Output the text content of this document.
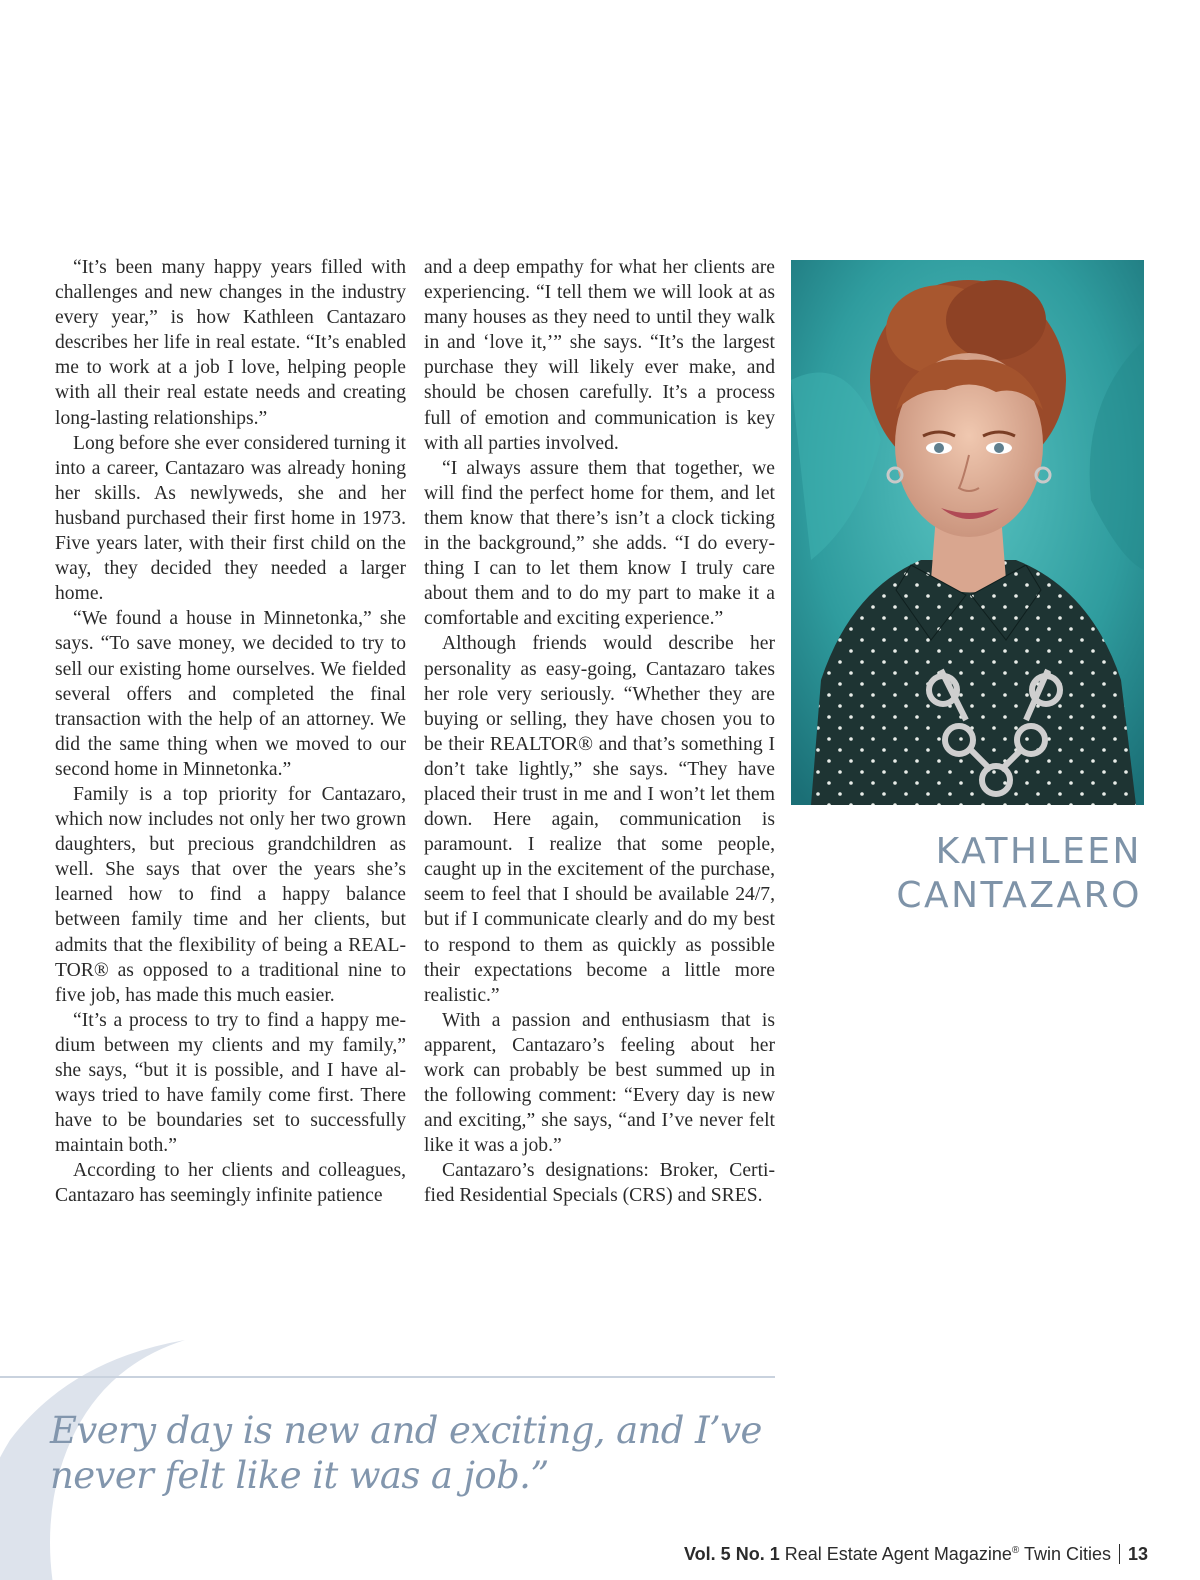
“It’s been many happy years filled with challenges and new changes in the industry every year,” is how Kathleen Cantazaro describes her life in real estate. “It’s enabled me to work at a job I love, helping people with all their real estate needs and creating long-lasting relationships.”

Long before she ever considered turning it into a career, Cantazaro was already honing her skills. As newlyweds, she and her husband purchased their first home in 1973. Five years later, with their first child on the way, they decided they needed a larger home.

“We found a house in Minnetonka,” she says. “To save money, we decided to try to sell our existing home ourselves. We fielded several offers and completed the final transaction with the help of an attorney. We did the same thing when we moved to our second home in Minnetonka.”

Family is a top priority for Cantazaro, which now includes not only her two grown daughters, but precious grandchildren as well. She says that over the years she’s learned how to find a happy balance between family time and her clients, but admits that the flexibility of being a REALTOR® as opposed to a traditional nine to five job, has made this much easier.

“It’s a process to try to find a happy medium between my clients and my family,” she says, “but it is possible, and I have always tried to have family come first. There have to be boundaries set to successfully maintain both.”

According to her clients and colleagues, Cantazaro has seemingly infinite patience

and a deep empathy for what her clients are experiencing. “I tell them we will look at as many houses as they need to until they walk in and ‘love it,’” she says. “It’s the largest purchase they will likely ever make, and should be chosen carefully. It’s a process full of emotion and communication is key with all parties involved.

“I always assure them that together, we will find the perfect home for them, and let them know that there’s isn’t a clock ticking in the background,” she adds. “I do everything I can to let them know I truly care about them and to do my part to make it a comfortable and exciting experience.”

Although friends would describe her personality as easy-going, Cantazaro takes her role very seriously. “Whether they are buying or selling, they have chosen you to be their REALTOR® and that’s something I don’t take lightly,” she says. “They have placed their trust in me and I won’t let them down. Here again, communication is paramount. I realize that some people, caught up in the excitement of the purchase, seem to feel that I should be available 24/7, but if I communicate clearly and do my best to respond to them as quickly as possible their expectations become a little more realistic.”

With a passion and enthusiasm that is apparent, Cantazaro’s feeling about her work can probably be best summed up in the following comment: “Every day is new and exciting,” she says, “and I’ve never felt like it was a job.”

Cantazaro’s designations: Broker, Certified Residential Specials (CRS) and SRES.

KATHLEEN
CANTAZARO
Every day is new and exciting, and I’ve never felt like it was a job.”
Vol. 5 No. 1 Real Estate Agent Magazine® Twin Cities 13
